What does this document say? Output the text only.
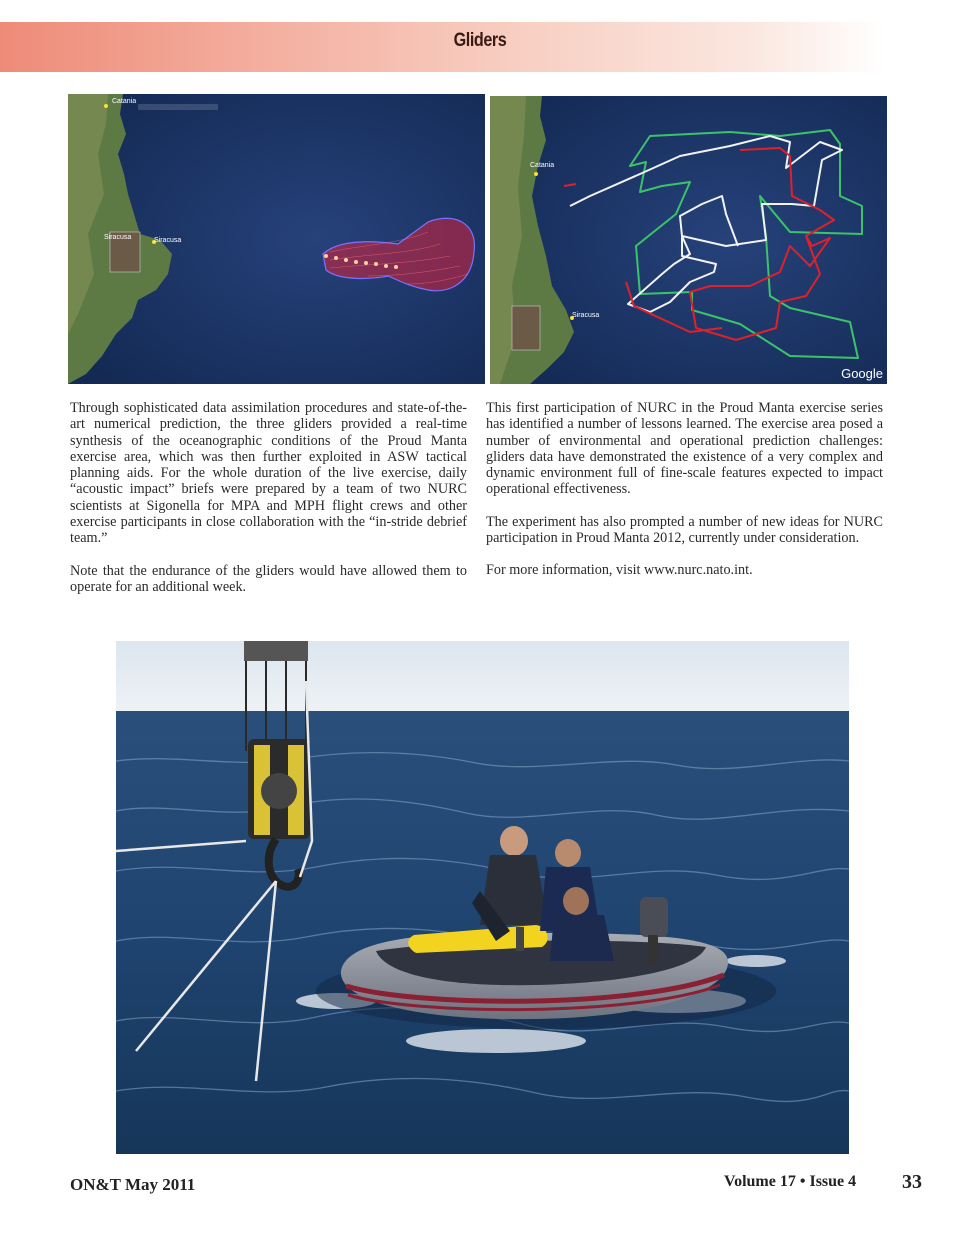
Gliders
Catania
Siracusa	Siracusa
Catania
Siracusa
Google

Through sophisticated data assimilation procedures and state-of-the-art numerical prediction, the three gliders provided a real-time synthesis of the oceanographic conditions of the Proud Manta exercise area, which was then further exploited in ASW tactical planning aids. For the whole duration of the live exercise, daily “acoustic impact” briefs were prepared by a team of two NURC scientists at Sigonella for MPA and MPH flight crews and other exercise participants in close collaboration with the “in-stride debrief team.”

Note that the endurance of the gliders would have allowed them to operate for an additional week.

This first participation of NURC in the Proud Manta exercise series has identified a number of lessons learned. The exercise area posed a number of environmental and operational prediction challenges: gliders data have demonstrated the existence of a very complex and dynamic environment full of fine-scale features expected to impact operational effectiveness.

The experiment has also prompted a number of new ideas for NURC participation in Proud Manta 2012, currently under consideration.

For more information, visit www.nurc.nato.int.

ON&T May 2011	Volume 17 • Issue 4 33
